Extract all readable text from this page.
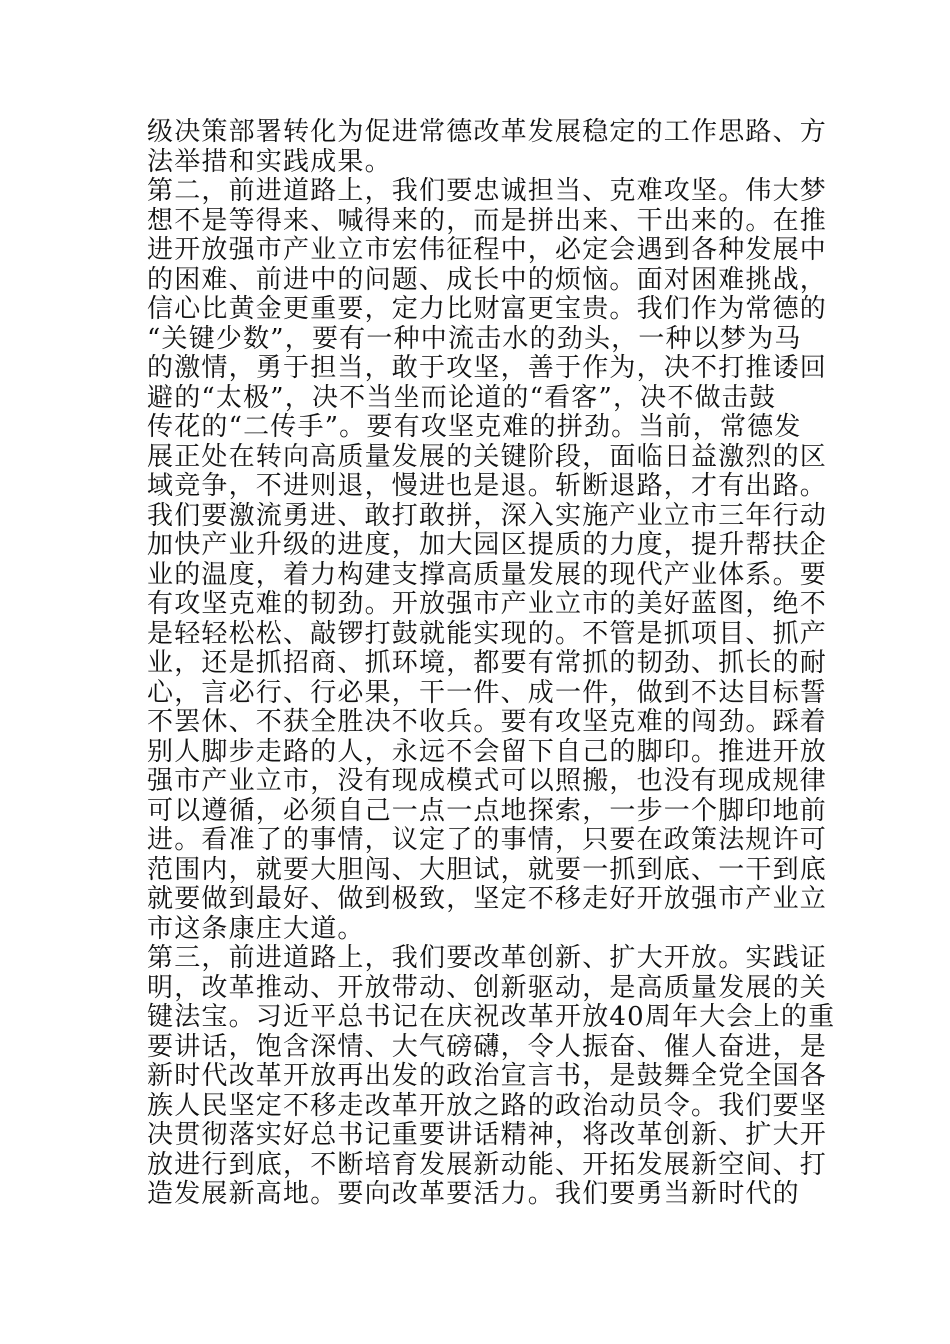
级决策部署转化为促进常德改革发展稳定的工作思路、方
法举措和实践成果。
第二，前进道路上，我们要忠诚担当、克难攻坚。伟大梦
想不是等得来、喊得来的，而是拼出来、干出来的。在推
进开放强市产业立市宏伟征程中，必定会遇到各种发展中
的困难、前进中的问题、成长中的烦恼。面对困难挑战，
信心比黄金更重要，定力比财富更宝贵。我们作为常德的
“关键少数”，要有一种中流击水的劲头，一种以梦为马
的激情，勇于担当，敢于攻坚，善于作为，决不打推诿回
避的“太极”，决不当坐而论道的“看客”，决不做击鼓
传花的“二传手”。要有攻坚克难的拼劲。当前，常德发
展正处在转向高质量发展的关键阶段，面临日益激烈的区
域竞争，不进则退，慢进也是退。斩断退路，才有出路。
我们要激流勇进、敢打敢拼，深入实施产业立市三年行动
加快产业升级的进度，加大园区提质的力度，提升帮扶企
业的温度，着力构建支撑高质量发展的现代产业体系。要
有攻坚克难的韧劲。开放强市产业立市的美好蓝图，绝不
是轻轻松松、敲锣打鼓就能实现的。不管是抓项目、抓产
业，还是抓招商、抓环境，都要有常抓的韧劲、抓长的耐
心，言必行、行必果，干一件、成一件，做到不达目标誓
不罢休、不获全胜决不收兵。要有攻坚克难的闯劲。踩着
别人脚步走路的人，永远不会留下自己的脚印。推进开放
强市产业立市，没有现成模式可以照搬，也没有现成规律
可以遵循，必须自己一点一点地探索，一步一个脚印地前
进。看准了的事情，议定了的事情，只要在政策法规许可
范围内，就要大胆闯、大胆试，就要一抓到底、一干到底
就要做到最好、做到极致，坚定不移走好开放强市产业立
市这条康庄大道。
第三，前进道路上，我们要改革创新、扩大开放。实践证
明，改革推动、开放带动、创新驱动，是高质量发展的关
键法宝。习近平总书记在庆祝改革开放40周年大会上的重
要讲话，饱含深情、大气磅礴，令人振奋、催人奋进，是
新时代改革开放再出发的政治宣言书，是鼓舞全党全国各
族人民坚定不移走改革开放之路的政治动员令。我们要坚
决贯彻落实好总书记重要讲话精神，将改革创新、扩大开
放进行到底，不断培育发展新动能、开拓发展新空间、打
造发展新高地。要向改革要活力。我们要勇当新时代的
